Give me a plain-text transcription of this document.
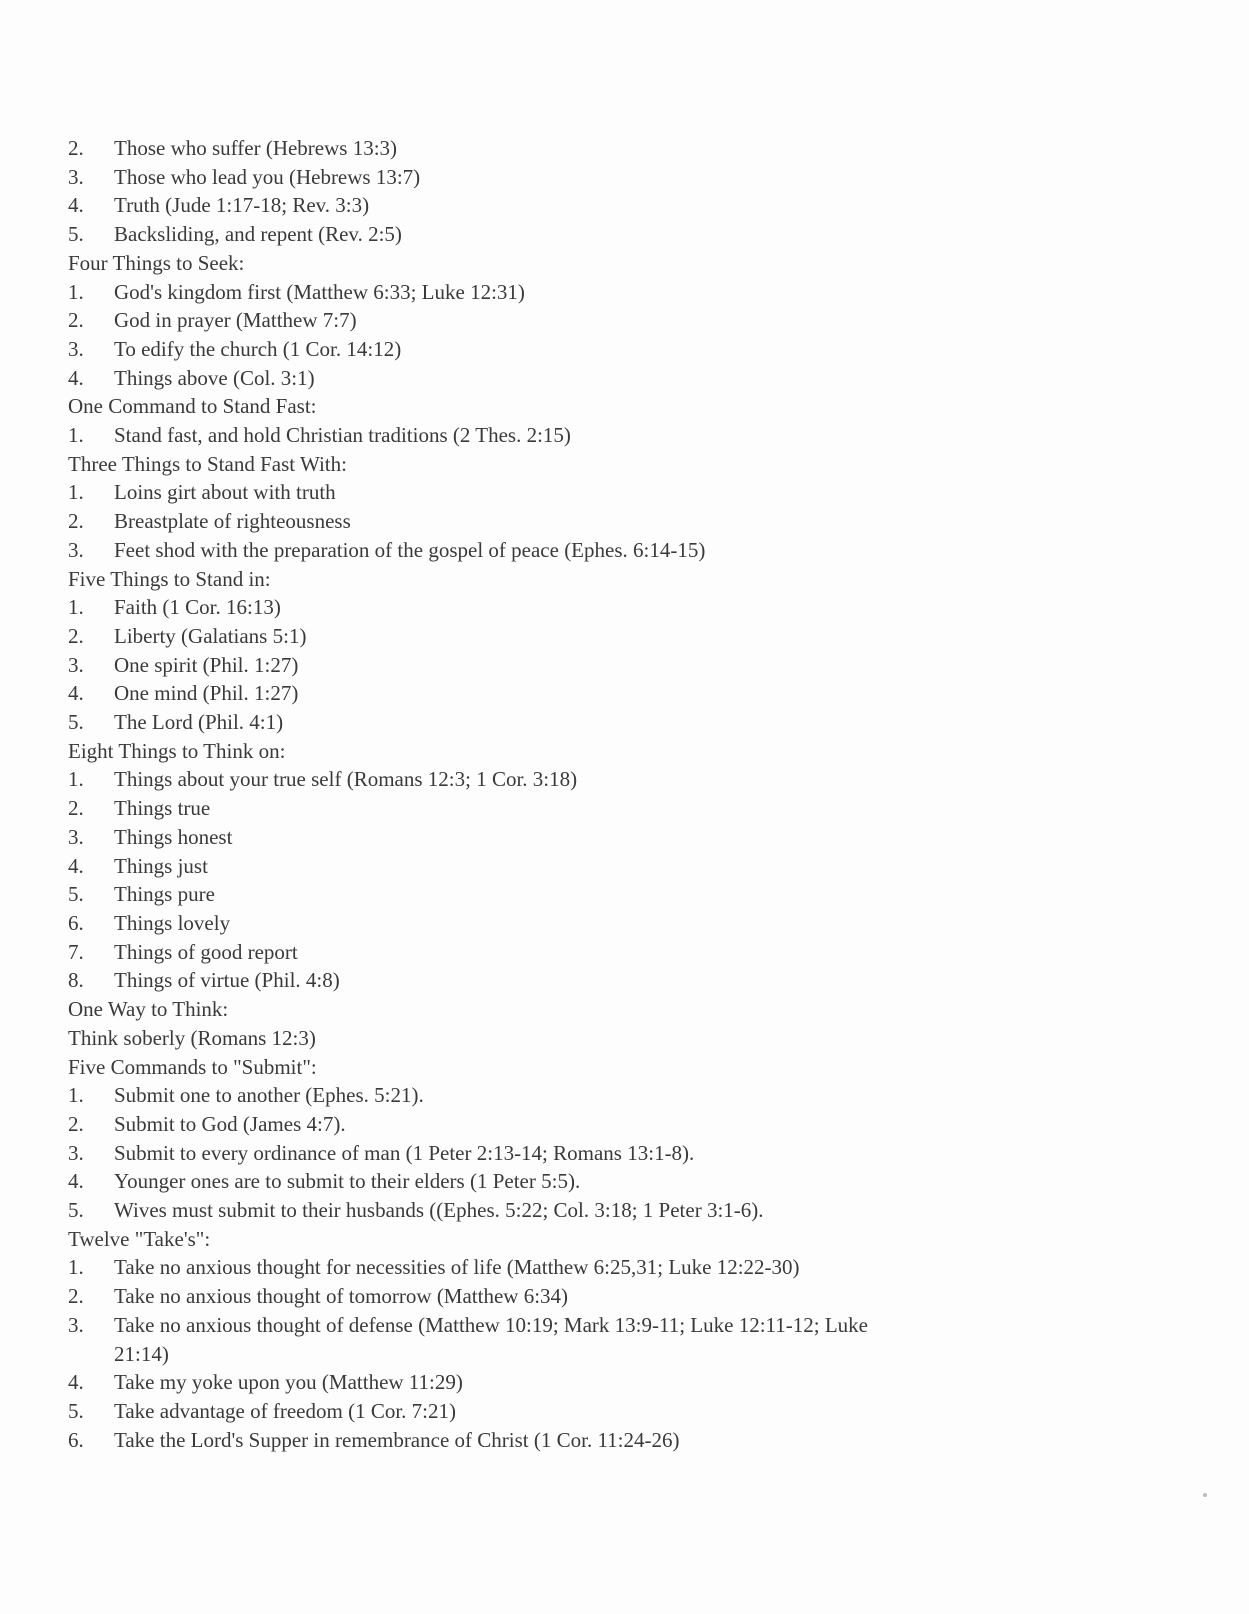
2.	Those who suffer (Hebrews 13:3)
3.	Those who lead you (Hebrews 13:7)
4.	Truth (Jude 1:17-18; Rev. 3:3)
5.	Backsliding, and repent (Rev. 2:5)
Four Things to Seek:
1.	God's kingdom first (Matthew 6:33; Luke 12:31)
2.	God in prayer (Matthew 7:7)
3.	To edify the church (1 Cor. 14:12)
4.	Things above (Col. 3:1)
One Command to Stand Fast:
1.	Stand fast, and hold Christian traditions (2 Thes. 2:15)
Three Things to Stand Fast With:
1.	Loins girt about with truth
2.	Breastplate of righteousness
3.	Feet shod with the preparation of the gospel of peace (Ephes. 6:14-15)
Five Things to Stand in:
1.	Faith (1 Cor. 16:13)
2.	Liberty (Galatians 5:1)
3.	One spirit (Phil. 1:27)
4.	One mind (Phil. 1:27)
5.	The Lord (Phil. 4:1)
Eight Things to Think on:
1.	Things about your true self (Romans 12:3; 1 Cor. 3:18)
2.	Things true
3.	Things honest
4.	Things just
5.	Things pure
6.	Things lovely
7.	Things of good report
8.	Things of virtue (Phil. 4:8)
One Way to Think:
Think soberly (Romans 12:3)
Five Commands to "Submit":
1.	Submit one to another (Ephes. 5:21).
2.	Submit to God (James 4:7).
3.	Submit to every ordinance of man (1 Peter 2:13-14; Romans 13:1-8).
4.	Younger ones are to submit to their elders (1 Peter 5:5).
5.	Wives must submit to their husbands ((Ephes. 5:22; Col. 3:18; 1 Peter 3:1-6).
Twelve "Take's":
1.	Take no anxious thought for necessities of life (Matthew 6:25,31; Luke 12:22-30)
2.	Take no anxious thought of tomorrow (Matthew 6:34)
3.	Take no anxious thought of defense (Matthew 10:19; Mark 13:9-11; Luke 12:11-12; Luke
21:14)
4.	Take my yoke upon you (Matthew 11:29)
5.	Take advantage of freedom (1 Cor. 7:21)
6.	Take the Lord's Supper in remembrance of Christ (1 Cor. 11:24-26)
